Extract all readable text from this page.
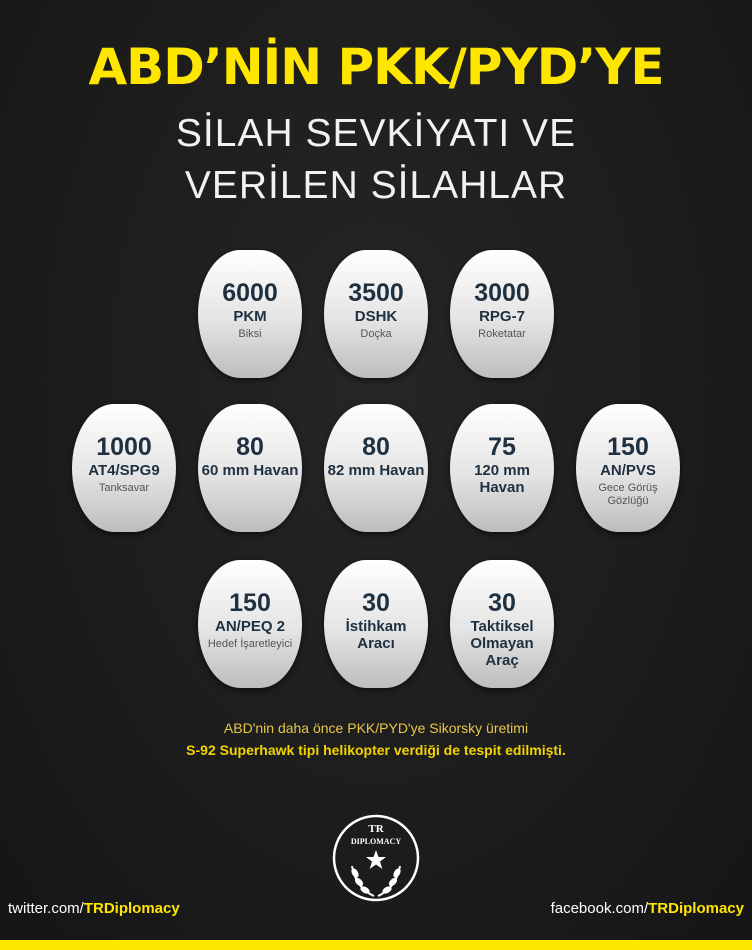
ABD’NİN PKK/PYD’YE
SİLAH SEVKİYATI VE
VERİLEN SİLAHLAR
6000
PKM
Biksi
3500
DSHK
Doçka
3000
RPG-7
Roketatar
1000
AT4/SPG9
Tanksavar
80
60 mm Havan
80
82 mm Havan
75
120 mm Havan
150
AN/PVS
Gece Görüş Gözlüğü
150
AN/PEQ 2
Hedef İşaretleyici
30
İstihkam Aracı
30
Taktiksel Olmayan Araç
ABD'nin daha önce PKK/PYD'ye Sikorsky üretimi
S-92 Superhawk tipi helikopter verdiği de tespit edilmişti.
TR
DIPLOMACY
twitter.com/TRDiplomacy	facebook.com/TRDiplomacy
